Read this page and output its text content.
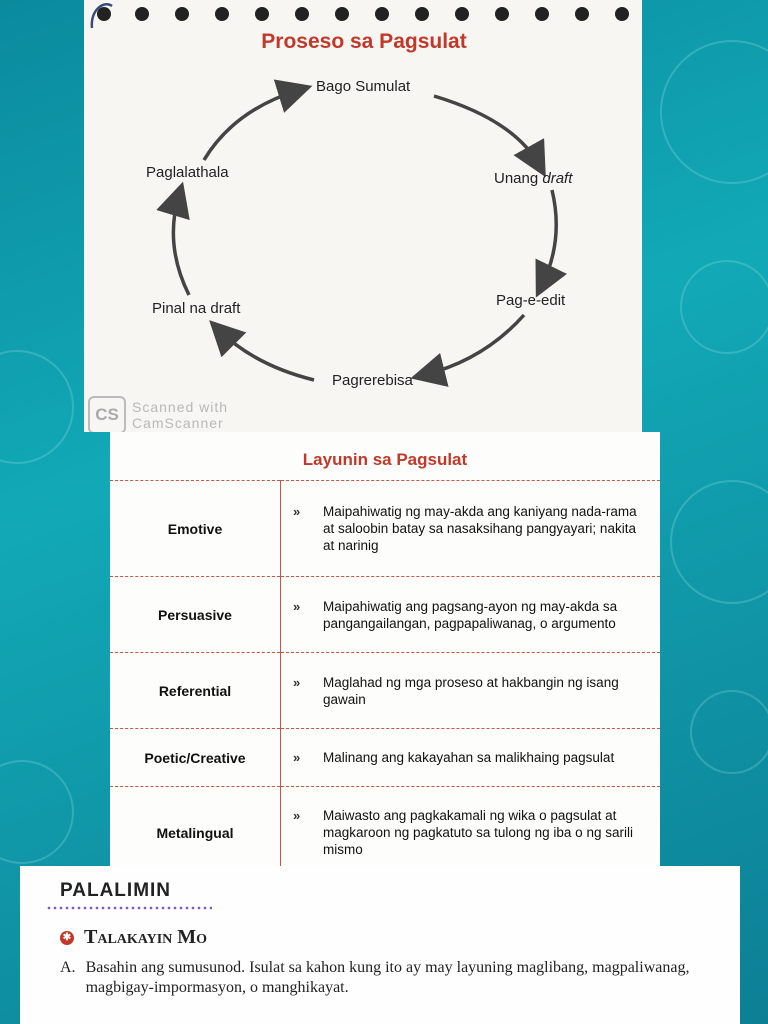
Proseso sa Pagsulat
Bago Sumulat
Unang draft
Pag-e-edit
Pagrerebisa
Pinal na draft
Paglalathala
CS Scanned with
CamScanner
Layunin sa Pagsulat
Emotive	» Maipahiwatig ng may-akda ang kaniyang nada-rama at saloobin batay sa nasaksihang pangyayari; nakita at narinig

Persuasive	» Maipahiwatig ang pagsang-ayon ng may-akda sa pangangailangan, pagpapaliwanag, o argumento

Referential	» Maglahad ng mga proseso at hakbangin ng isang gawain

Poetic/Creative	» Malinang ang kakayahan sa malikhaing pagsulat

Metalingual	» Maiwasto ang pagkakamali ng wika o pagsulat at magkaroon ng pagkatuto sa tulong ng iba o ng sarili mismo
PALALIMIN
✱ Talakayin Mo
A. Basahin ang sumusunod. Isulat sa kahon kung ito ay may layuning maglibang, magpaliwanag, magbigay-impormasyon, o manghikayat.
